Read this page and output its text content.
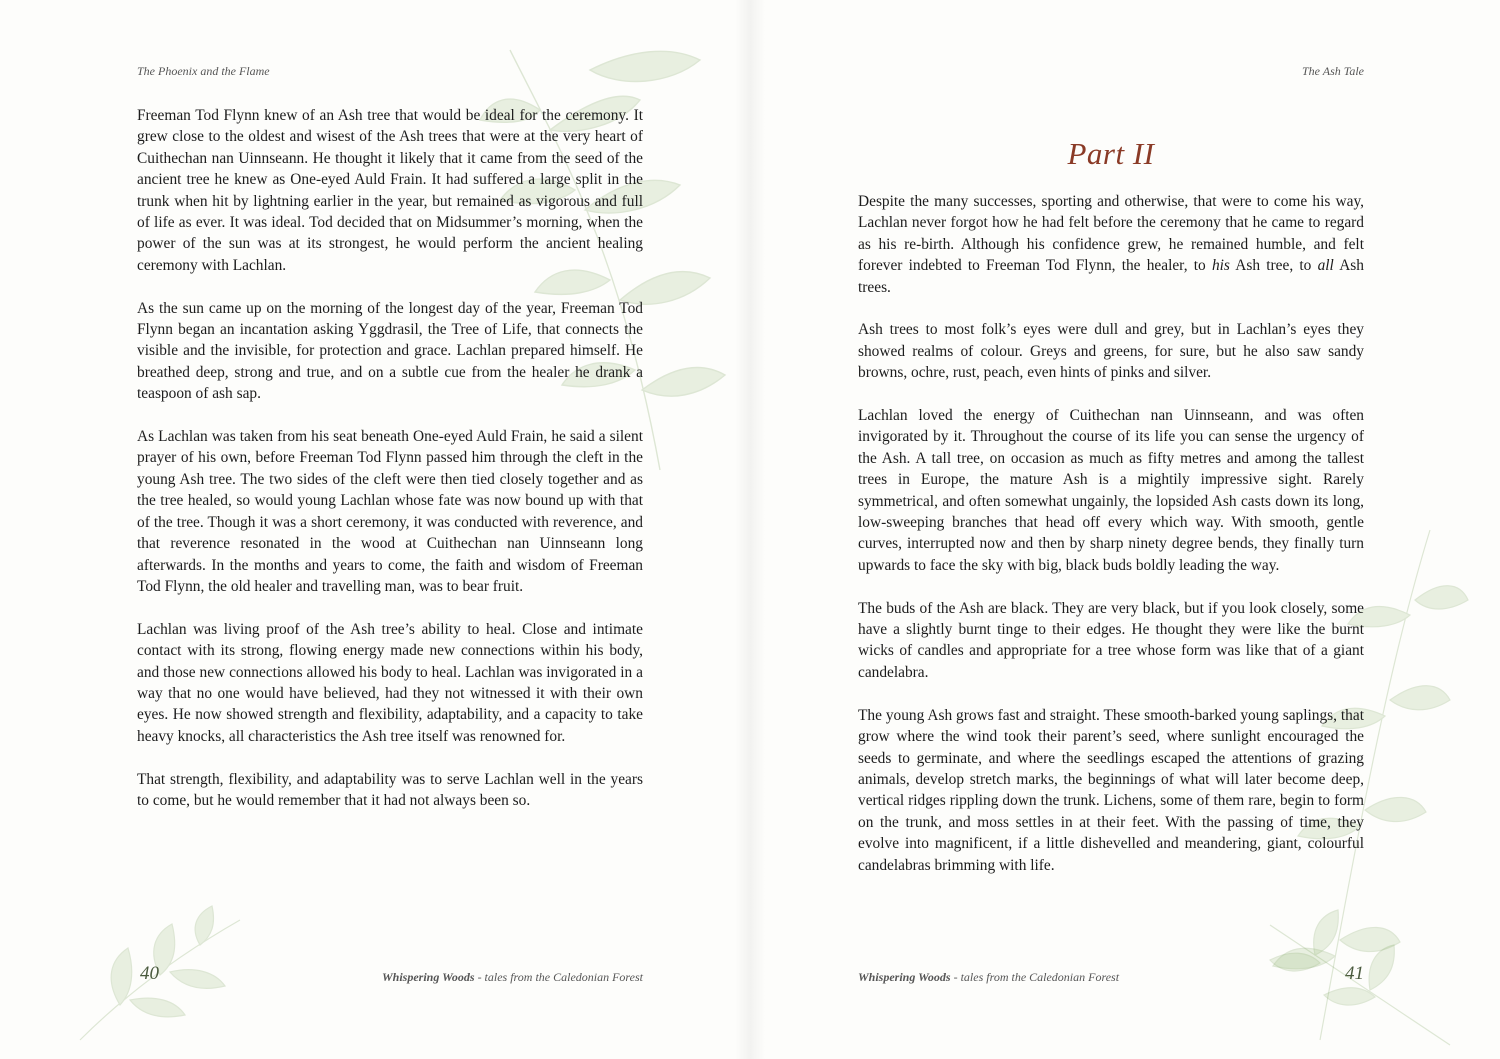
The Phoenix and the Flame

Freeman Tod Flynn knew of an Ash tree that would be ideal for the ceremony. It grew close to the oldest and wisest of the Ash trees that were at the very heart of Cuithechan nan Uinnseann. He thought it likely that it came from the seed of the ancient tree he knew as One-eyed Auld Frain. It had suffered a large split in the trunk when hit by lightning earlier in the year, but remained as vigorous and full of life as ever. It was ideal. Tod decided that on Midsummer’s morning, when the power of the sun was at its strongest, he would perform the ancient healing ceremony with Lachlan.

As the sun came up on the morning of the longest day of the year, Freeman Tod Flynn began an incantation asking Yggdrasil, the Tree of Life, that connects the visible and the invisible, for protection and grace. Lachlan prepared himself. He breathed deep, strong and true, and on a subtle cue from the healer he drank a teaspoon of ash sap.

As Lachlan was taken from his seat beneath One-eyed Auld Frain, he said a silent prayer of his own, before Freeman Tod Flynn passed him through the cleft in the young Ash tree. The two sides of the cleft were then tied closely together and as the tree healed, so would young Lachlan whose fate was now bound up with that of the tree. Though it was a short ceremony, it was conducted with reverence, and that reverence resonated in the wood at Cuithechan nan Uinnseann long afterwards. In the months and years to come, the faith and wisdom of Freeman Tod Flynn, the old healer and travelling man, was to bear fruit.

Lachlan was living proof of the Ash tree’s ability to heal. Close and intimate contact with its strong, flowing energy made new connections within his body, and those new connections allowed his body to heal. Lachlan was invigorated in a way that no one would have believed, had they not witnessed it with their own eyes. He now showed strength and flexibility, adaptability, and a capacity to take heavy knocks, all characteristics the Ash tree itself was renowned for.

That strength, flexibility, and adaptability was to serve Lachlan well in the years to come, but he would remember that it had not always been so.

40	Whispering Woods - tales from the Caledonian Forest
The Ash Tale
Part II

Despite the many successes, sporting and otherwise, that were to come his way, Lachlan never forgot how he had felt before the ceremony that he came to regard as his re-birth. Although his confidence grew, he remained humble, and felt forever indebted to Freeman Tod Flynn, the healer, to his Ash tree, to all Ash trees.

Ash trees to most folk’s eyes were dull and grey, but in Lachlan’s eyes they showed realms of colour. Greys and greens, for sure, but he also saw sandy browns, ochre, rust, peach, even hints of pinks and silver.

Lachlan loved the energy of Cuithechan nan Uinnseann, and was often invigorated by it. Throughout the course of its life you can sense the urgency of the Ash. A tall tree, on occasion as much as fifty metres and among the tallest trees in Europe, the mature Ash is a mightily impressive sight. Rarely symmetrical, and often somewhat ungainly, the lopsided Ash casts down its long, low-sweeping branches that head off every which way. With smooth, gentle curves, interrupted now and then by sharp ninety degree bends, they finally turn upwards to face the sky with big, black buds boldly leading the way.

The buds of the Ash are black. They are very black, but if you look closely, some have a slightly burnt tinge to their edges. He thought they were like the burnt wicks of candles and appropriate for a tree whose form was like that of a giant candelabra.

The young Ash grows fast and straight. These smooth-barked young saplings, that grow where the wind took their parent’s seed, where sunlight encouraged the seeds to germinate, and where the seedlings escaped the attentions of grazing animals, develop stretch marks, the beginnings of what will later become deep, vertical ridges rippling down the trunk. Lichens, some of them rare, begin to form on the trunk, and moss settles in at their feet. With the passing of time, they evolve into magnificent, if a little dishevelled and meandering, giant, colourful candelabras brimming with life.

Whispering Woods - tales from the Caledonian Forest	41
